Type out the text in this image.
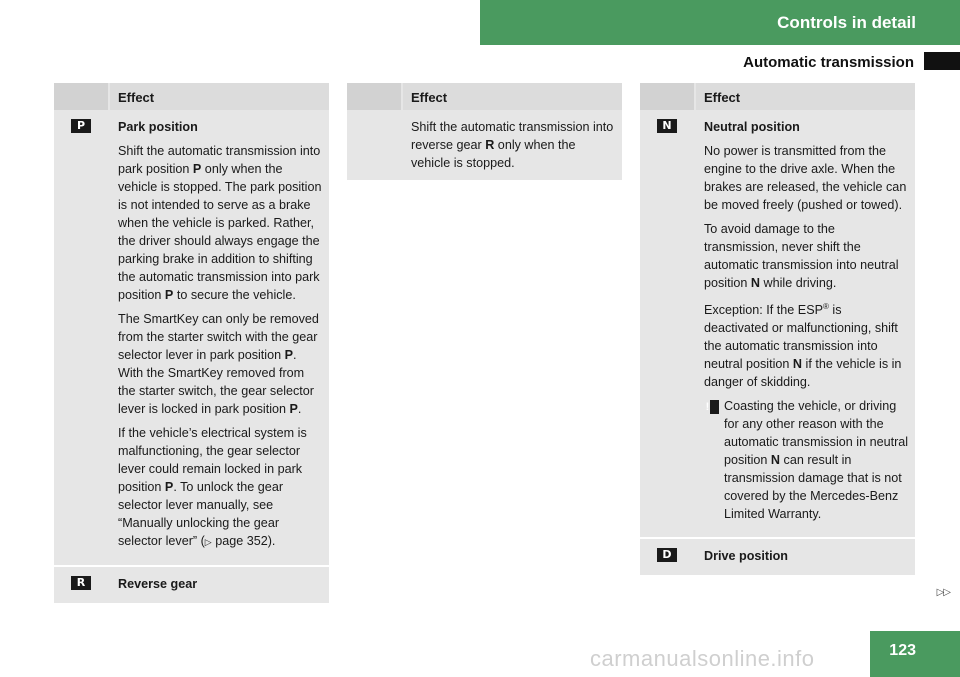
Controls in detail
Automatic transmission
Effect
P	Park position

Shift the automatic transmission into park position P only when the vehicle is stopped. The park position is not intended to serve as a brake when the vehicle is parked. Rather, the driver should always engage the parking brake in addition to shifting the automatic transmission into park position P to secure the vehicle.

The SmartKey can only be removed from the starter switch with the gear selector lever in park position P. With the SmartKey removed from the starter switch, the gear selector lever is locked in park position P.

If the vehicle’s electrical system is malfunctioning, the gear selector lever could remain locked in park position P. To unlock the gear selector lever manually, see “Manually unlocking the gear selector lever” (▷ page 352).

R	Reverse gear
Effect

Shift the automatic transmission into reverse gear R only when the vehicle is stopped.

Effect
N	Neutral position

No power is transmitted from the engine to the drive axle. When the brakes are released, the vehicle can be moved freely (pushed or towed).

To avoid damage to the transmission, never shift the automatic transmission into neutral position N while driving.

Exception: If the ESP® is deactivated or malfunctioning, shift the automatic transmission into neutral position N if the vehicle is in danger of skidding.

! Coasting the vehicle, or driving for any other reason with the automatic transmission in neutral position N can result in transmission damage that is not covered by the Mercedes-Benz Limited Warranty.

D	Drive position
▷▷
carmanualsonline.info	123
